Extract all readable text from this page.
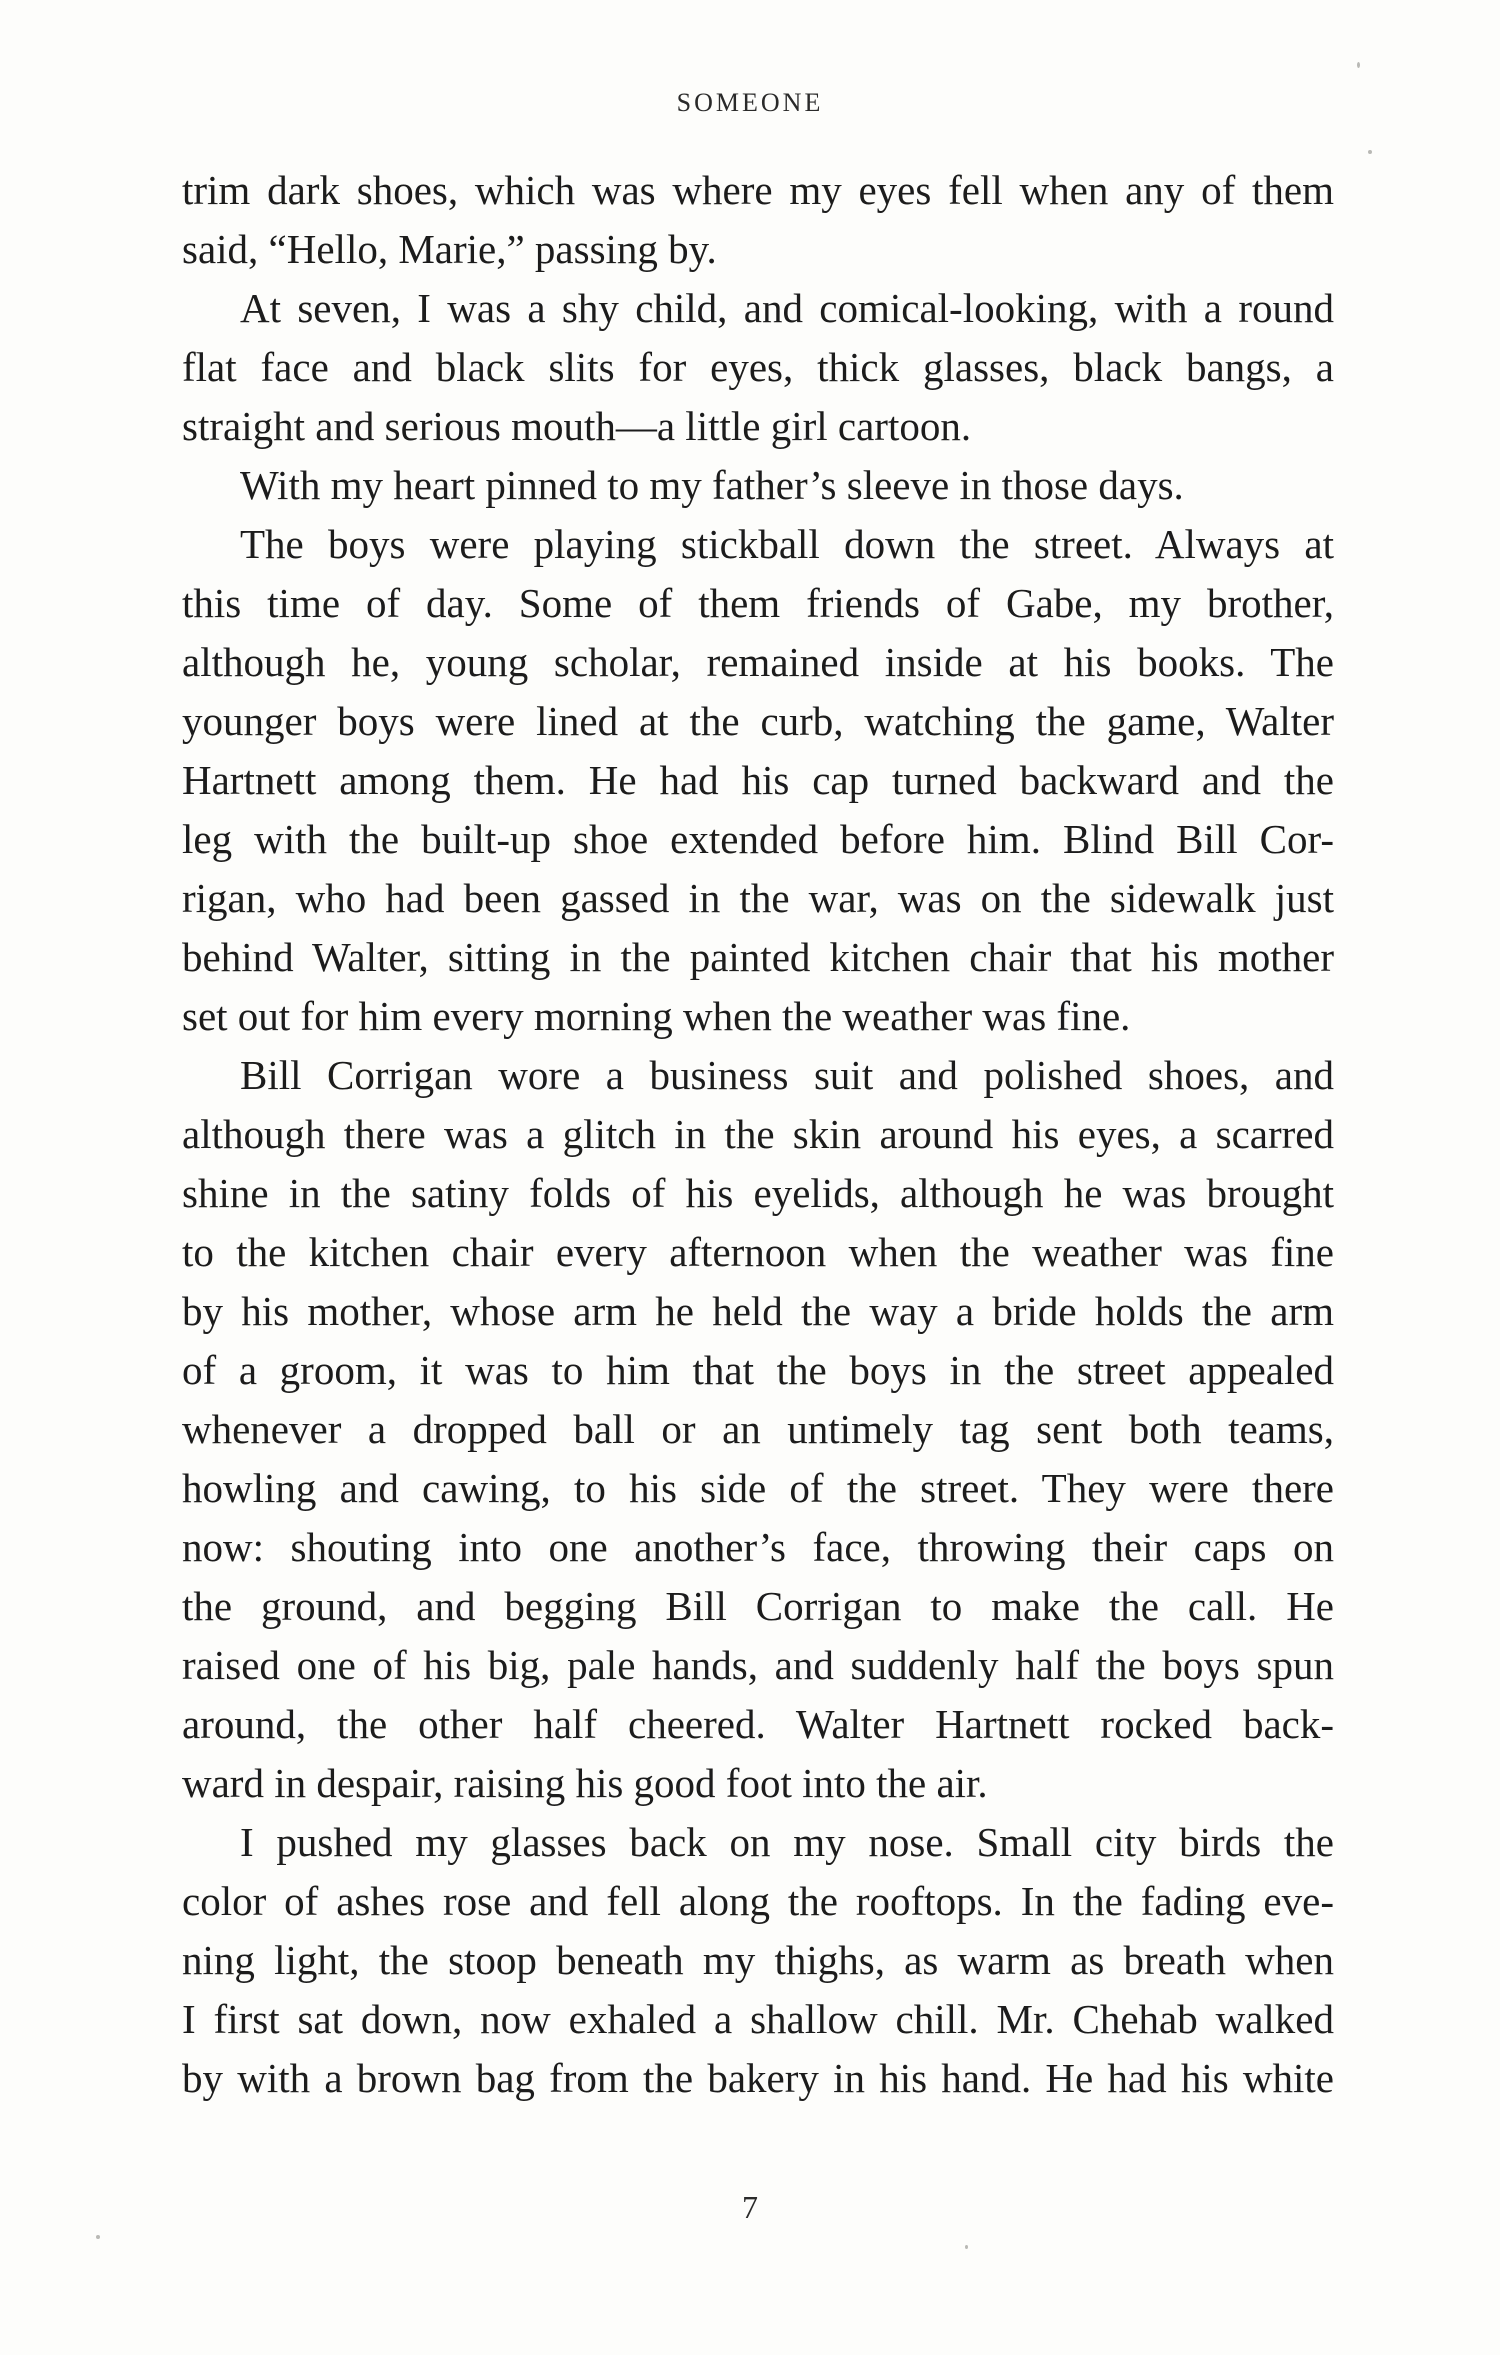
SOMEONE

trim dark shoes, which was where my eyes fell when any of them
said, “Hello, Marie,” passing by.

At seven, I was a shy child, and comical-looking, with a round
flat face and black slits for eyes, thick glasses, black bangs, a
straight and serious mouth—a little girl cartoon.

With my heart pinned to my father’s sleeve in those days.

The boys were playing stickball down the street. Always at
this time of day. Some of them friends of Gabe, my brother,
although he, young scholar, remained inside at his books. The
younger boys were lined at the curb, watching the game, Walter
Hartnett among them. He had his cap turned backward and the
leg with the built-up shoe extended before him. Blind Bill Cor-
rigan, who had been gassed in the war, was on the sidewalk just
behind Walter, sitting in the painted kitchen chair that his mother
set out for him every morning when the weather was fine.

Bill Corrigan wore a business suit and polished shoes, and
although there was a glitch in the skin around his eyes, a scarred
shine in the satiny folds of his eyelids, although he was brought
to the kitchen chair every afternoon when the weather was fine
by his mother, whose arm he held the way a bride holds the arm
of a groom, it was to him that the boys in the street appealed
whenever a dropped ball or an untimely tag sent both teams,
howling and cawing, to his side of the street. They were there
now: shouting into one another’s face, throwing their caps on
the ground, and begging Bill Corrigan to make the call. He
raised one of his big, pale hands, and suddenly half the boys spun
around, the other half cheered. Walter Hartnett rocked back-
ward in despair, raising his good foot into the air.

I pushed my glasses back on my nose. Small city birds the
color of ashes rose and fell along the rooftops. In the fading eve-
ning light, the stoop beneath my thighs, as warm as breath when
I first sat down, now exhaled a shallow chill. Mr. Chehab walked
by with a brown bag from the bakery in his hand. He had his white

7
